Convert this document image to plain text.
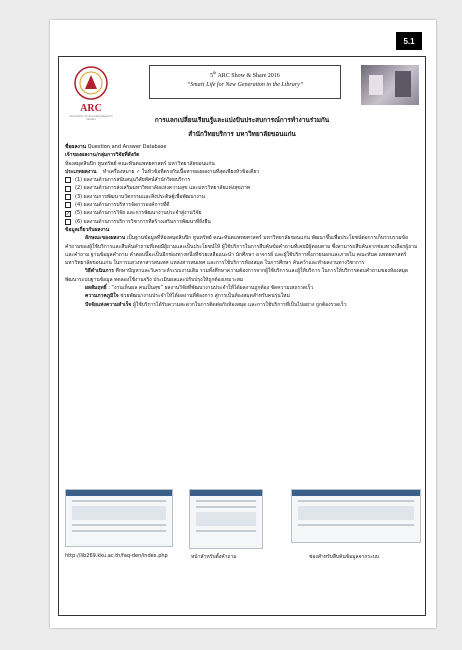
5.1
ARC
Association of University Research Centers
5th ARC Show & Share 2016
“Smart Life for New Generation in the Library”
การแลกเปลี่ยนเรียนรู้และแบ่งปันประสบการณ์การทำงานร่วมกัน
สำนักวิทยบริการ มหาวิทยาลัยขอนแก่น

ชื่อผลงาน Question and Answer Database

เจ้าของผลงาน/กลุ่มการวิจัยที่สังกัด

ห้องสมุดสินปิก ทูนทรัพย์ คณะทันตแพทยศาสตร์ มหาวิทยาลัยขอนแก่น

ประเภทผลงาน ทำเครื่องหมาย ✓ ในหัวข้อที่ตรงกับเนื้อหาของผลงานที่สุดเพียงหัวข้อเดียว

(1) ผลงานด้านการสนับสนุนวิสัยทัศน์สำนักวิทยบริการ
(2) ผลงานด้านการส่งเสริมมหาวิทยาลัยแห่งความสุข และมหาวิทยาลัยแห่งสุขภาพ
(3) ผลงานการพัฒนานวัตกรรมและสิ่งประดิษฐ์เพื่อพัฒนางาน
(4) ผลงานด้านการบริหารจัดการองค์การที่ดี
✓ (5) ผลงานด้านการวิจัย และการพัฒนางานประจำสู่งานวิจัย
(6) ผลงานด้านการบริการวิชาการที่สร้างเสริมการพัฒนาที่ยั่งยืน

ข้อมูลเกี่ยวกับผลงาน

ลักษณะของผลงาน เป็นฐานข้อมูลที่ห้องสมุดสินปิก ทูนทรัพย์ คณะทันตแพทยศาสตร์ มหาวิทยาลัยขอนแก่น พัฒนาขึ้นเพื่อประโยชน์ต่อการเก็บรวบรวมข้อคำถามของผู้ใช้บริการและสืบค้นคำถามที่เคยมีผู้ถามและเป็นประโยชน์ให้ ผู้ใช้บริการในการสืบค้นข้อคำถามที่เคยมีผู้ตอบตาม ซึ่งสามารถสืบค้นจากช่องทางเลือกผู้ถามและคำถาม ฐานข้อมูลคำถาม คำตอบนี้จะเป็นอีกช่องทางหนึ่งที่ช่วยเหลือแนะนำ นักศึกษา อาจารย์ และผู้ใช้บริการทั้งภายนอกและภายใน คณะทันต แพทยศาสตร์ มหาวิทยาลัยขอนแก่น ในการแสวงหาสารสนเทศ แหล่งสารสนเทศ และการใช้บริการห้องสมุด ในการศึกษา ค้นคว้าและทำผลงานทางวิชาการ

วิธีดำเนินการ ศึกษาปัญหาและวิเคราะห์ระบบงานเดิม รวมทั้งศึกษาความต้องการจากผู้ใช้บริการและผู้ให้บริการ ในการให้บริการตอบคำถามของห้องสมุด พัฒนาระบบฐานข้อมูล ทดลองใช้งานจริง ประเมินผลและปรับปรุงให้ถูกต้องเหมาะสม

ผลสัมฤทธิ์ : “งานเห็นผล คนเป็นสุข” ผลงานวิจัยที่พัฒนางานประจำให้ได้ผลงานถูกต้อง ชัดความเสถรวดเร็ว

ความภาคภูมิใจ ช่วยพัฒนางานประจำให้ได้ผลงานที่ต้องการ สู่การเป็นห้องสมุดสำหรับคนรุ่นใหม่

ปัจจัยแห่งความสำเร็จ ผู้ใช้บริการได้รับความสะดวกในการติดต่อกับห้องสมุด และการใช้บริการที่เป็นไปอย่าง ถูกต้องรวดเร็ว

http://lib269.kku.ac.th/faq-den/index.php	หน้าสำหรับตั้งคำถาม	ช่องสำหรับสืบค้นข้อมูลจากระบบ
